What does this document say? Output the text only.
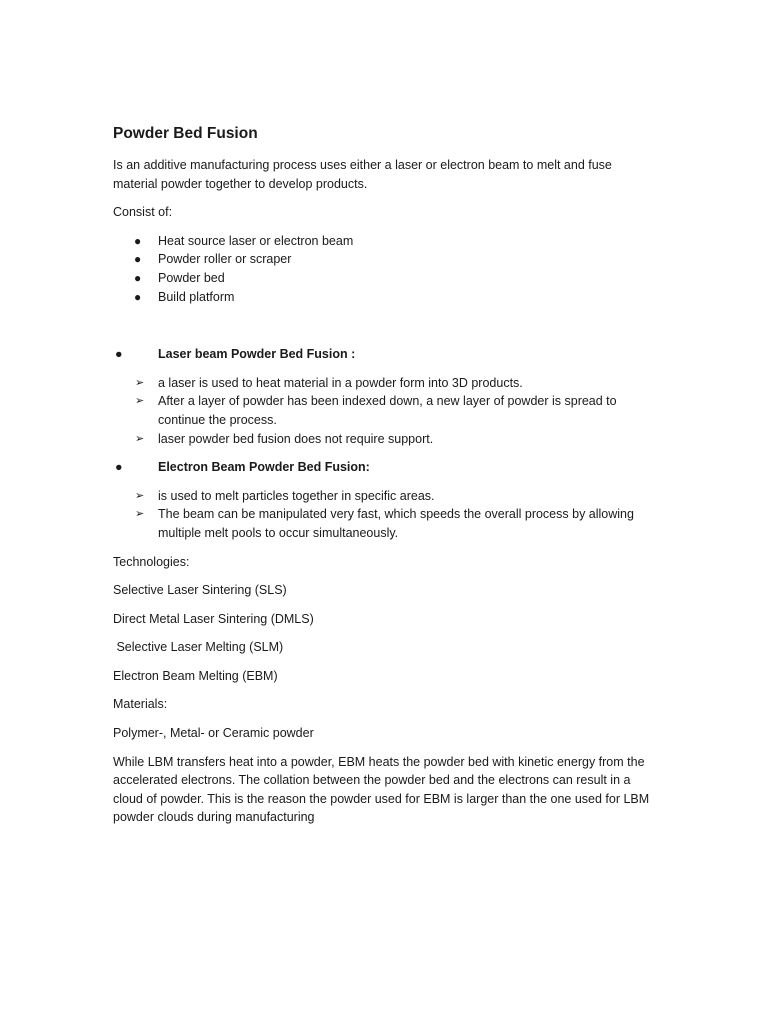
Powder Bed Fusion

Is an additive manufacturing process uses either a laser or electron beam to melt and fuse material powder together to develop products.

Consist of:

● Heat source laser or electron beam
● Powder roller or scraper
● Powder bed
● Build platform
●	Laser beam Powder Bed Fusion :
➢ a laser is used to heat material in a powder form into 3D products.
➢ After a layer of powder has been indexed down, a new layer of powder is spread to continue the process.
➢ laser powder bed fusion does not require support.
●	Electron Beam Powder Bed Fusion:
➢ is used to melt particles together in specific areas.
➢ The beam can be manipulated very fast, which speeds the overall process by allowing multiple melt pools to occur simultaneously.

Technologies:

Selective Laser Sintering (SLS)

Direct Metal Laser Sintering (DMLS)

Selective Laser Melting (SLM)

Electron Beam Melting (EBM)

Materials:

Polymer-, Metal- or Ceramic powder

While LBM transfers heat into a powder, EBM heats the powder bed with kinetic energy from the accelerated electrons. The collation between the powder bed and the electrons can result in a cloud of powder. This is the reason the powder used for EBM is larger than the one used for LBM powder clouds during manufacturing
